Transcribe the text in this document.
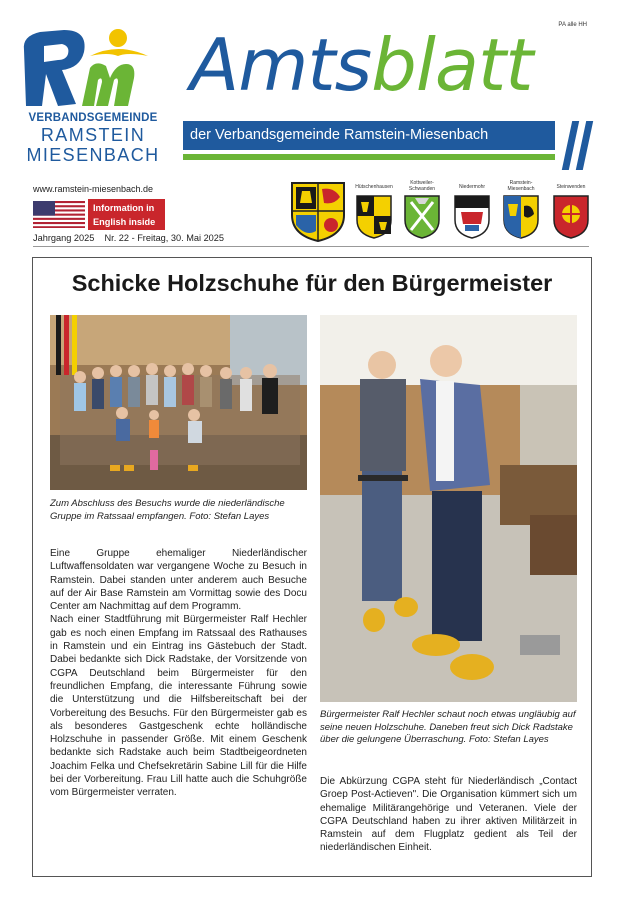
PA alle HH
VERBANDSGEMEINDE
RAMSTEIN
MIESENBACH
Amtsblatt
der Verbandsgemeinde Ramstein-Miesenbach
www.ramstein-miesenbach.de
Information in
English inside
Jahrgang 2025    Nr. 22 - Freitag, 30. Mai 2025
Hütschenhausen
Kottweiler-
Schwanden	Niedermohr
Ramstein-
Miesenbach	Steinwenden
Schicke Holzschuhe für den Bürgermeister
Zum Abschluss des Besuchs wurde die niederländische Gruppe im Ratssaal empfangen. Foto: Stefan Layes
Bürgermeister Ralf Hechler schaut noch etwas ungläubig auf seine neuen Holzschuhe. Daneben freut sich Dick Radstake über die gelungene Überraschung. Foto: Stefan Layes

Eine Gruppe ehemaliger Niederländischer Luftwaffensoldaten war vergangene Woche zu Besuch in Ramstein. Dabei standen unter anderem auch Besuche auf der Air Base Ramstein am Vormittag sowie des Docu Center am Nachmittag auf dem Programm.

Nach einer Stadtführung mit Bürgermeister Ralf Hechler gab es noch einen Empfang im Ratssaal des Rathauses in Ramstein und ein Eintrag ins Gästebuch der Stadt. Dabei bedankte sich Dick Radstake, der Vorsitzende von CGPA Deutschland beim Bürgermeister für den freundlichen Empfang, die interessante Führung sowie die Unterstützung und die Hilfsbereitschaft bei der Vorbereitung des Besuchs. Für den Bürgermeister gab es als besonderes Gastgeschenk echte holländische Holzschuhe in passender Größe. Mit einem Geschenk bedankte sich Radstake auch beim Stadtbeigeordneten Joachim Felka und Chefsekretärin Sabine Lill für die Hilfe bei der Vorbereitung. Frau Lill hatte auch die Schuhgröße vom Bürgermeister verraten.

Die Abkürzung CGPA steht für Niederländisch „Contact Groep Post-Actieven". Die Organisation kümmert sich um ehemalige Militärangehörige und Veteranen. Viele der CGPA Deutschland haben zu ihrer aktiven Militärzeit in Ramstein auf dem Flugplatz gedient als Teil der niederländischen Einheit.
